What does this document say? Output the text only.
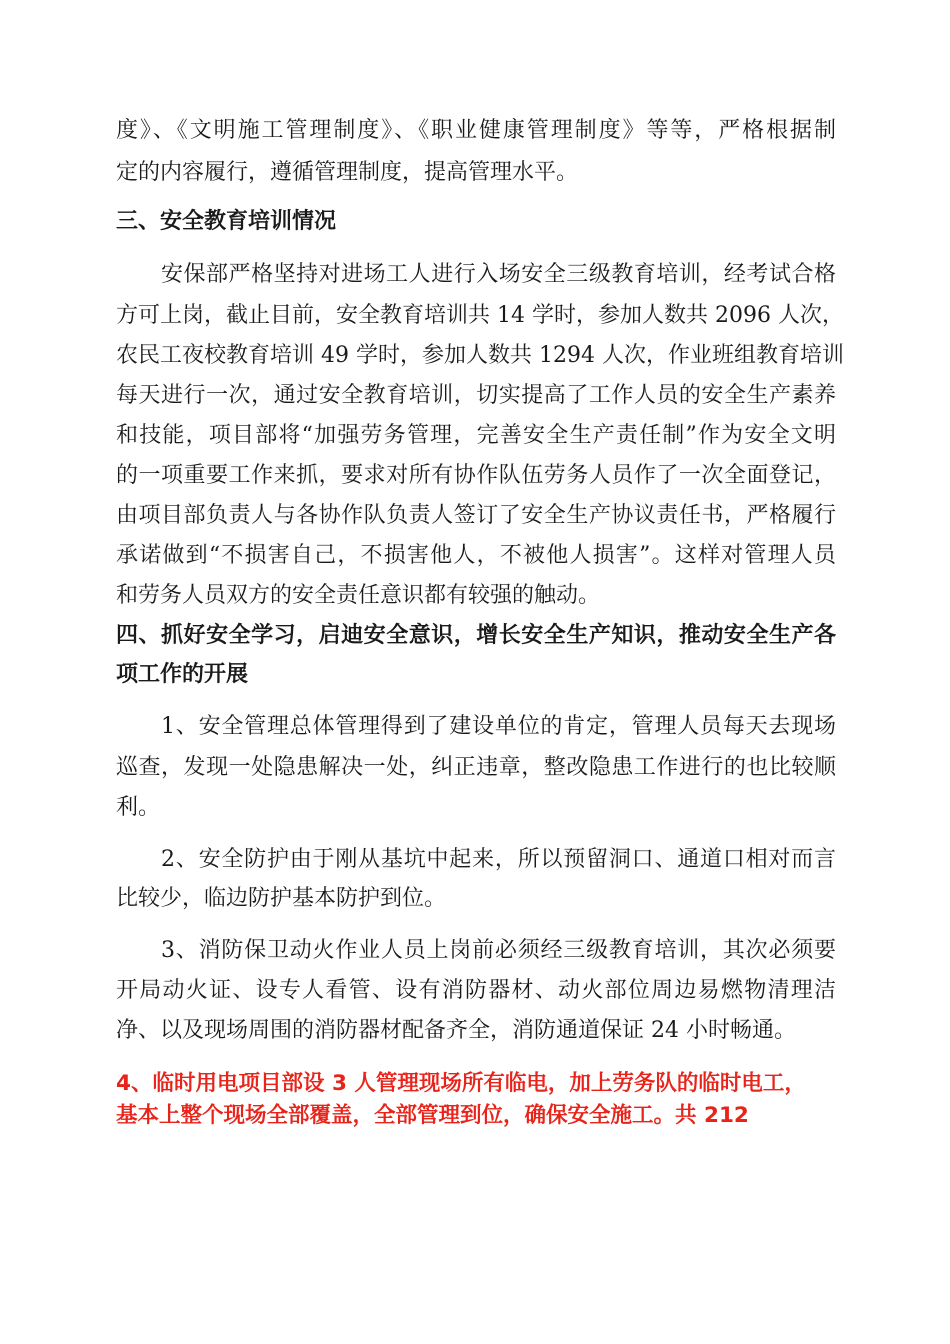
度》、《文明施工管理制度》、《职业健康管理制度》等等，严格根据制
定的内容履行，遵循管理制度，提高管理水平。
三、安全教育培训情况
安保部严格坚持对进场工人进行入场安全三级教育培训，经考试合格
方可上岗，截止目前，安全教育培训共 14 学时，参加人数共 2096 人次，
农民工夜校教育培训 49 学时，参加人数共 1294 人次，作业班组教育培训
每天进行一次，通过安全教育培训，切实提高了工作人员的安全生产素养
和技能，项目部将“加强劳务管理，完善安全生产责任制”作为安全文明
的一项重要工作来抓，要求对所有协作队伍劳务人员作了一次全面登记，
由项目部负责人与各协作队负责人签订了安全生产协议责任书，严格履行
承诺做到“不损害自己，不损害他人，不被他人损害”。这样对管理人员
和劳务人员双方的安全责任意识都有较强的触动。
四、抓好安全学习，启迪安全意识，增长安全生产知识，推动安全生产各
项工作的开展
1、安全管理总体管理得到了建设单位的肯定，管理人员每天去现场
巡查，发现一处隐患解决一处，纠正违章，整改隐患工作进行的也比较顺
利。
2、安全防护由于刚从基坑中起来，所以预留洞口、通道口相对而言
比较少，临边防护基本防护到位。
3、消防保卫动火作业人员上岗前必须经三级教育培训，其次必须要
开局动火证、设专人看管、设有消防器材、动火部位周边易燃物清理洁
净、以及现场周围的消防器材配备齐全，消防通道保证 24 小时畅通。
4、临时用电项目部设 3 人管理现场所有临电，加上劳务队的临时电工，
基本上整个现场全部覆盖，全部管理到位，确保安全施工。共 212
